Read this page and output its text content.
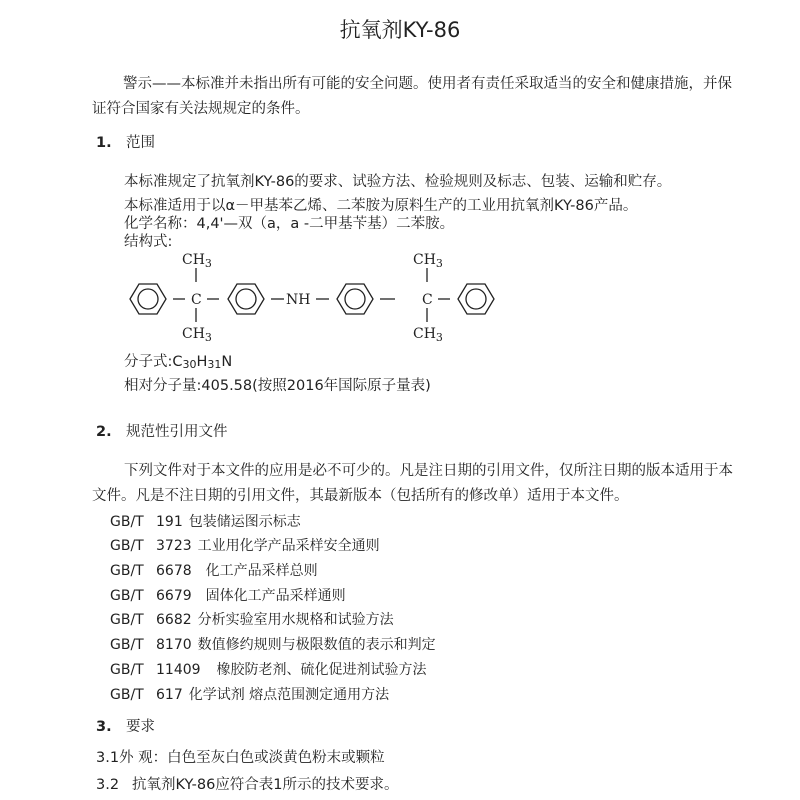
抗氧剂KY-86
警示——本标准并未指出所有可能的安全问题。使用者有责任采取适当的安全和健康措施，并保
证符合国家有关法规规定的条件。
1. 范围
本标准规定了抗氧剂KY-86的要求、试验方法、检验规则及标志、包装、运输和贮存。
本标准适用于以α－甲基苯乙烯、二苯胺为原料生产的工业用抗氧剂KY-86产品。
化学名称：4,4'—双（a，a -二甲基苄基）二苯胺。
结构式:
$CH_3$
$CH_3$
C	NH	C
$CH_3$
$CH_3$
分子式$:C_{30}H_{31}N$
相对分子量:405.58(按照2016年国际原子量表)
2. 规范性引用文件
下列文件对于本文件的应用是必不可少的。凡是注日期的引用文件，仅所注日期的版本适用于本
文件。凡是不注日期的引用文件，其最新版本（包括所有的修改单）适用于本文件。
GB/T 191 包装储运图示标志
GB/T 3723 工业用化学产品采样安全通则
GB/T 6678 化工产品采样总则
GB/T 6679 固体化工产品采样通则
GB/T 6682 分析实验室用水规格和试验方法
GB/T 8170 数值修约规则与极限数值的表示和判定
GB/T 11409 橡胶防老剂、硫化促进剂试验方法
GB/T 617 化学试剂 熔点范围测定通用方法
3. 要求
3.1外 观：白色至灰白色或淡黄色粉末或颗粒
3.2 抗氧剂KY-86应符合表1所示的技术要求。
